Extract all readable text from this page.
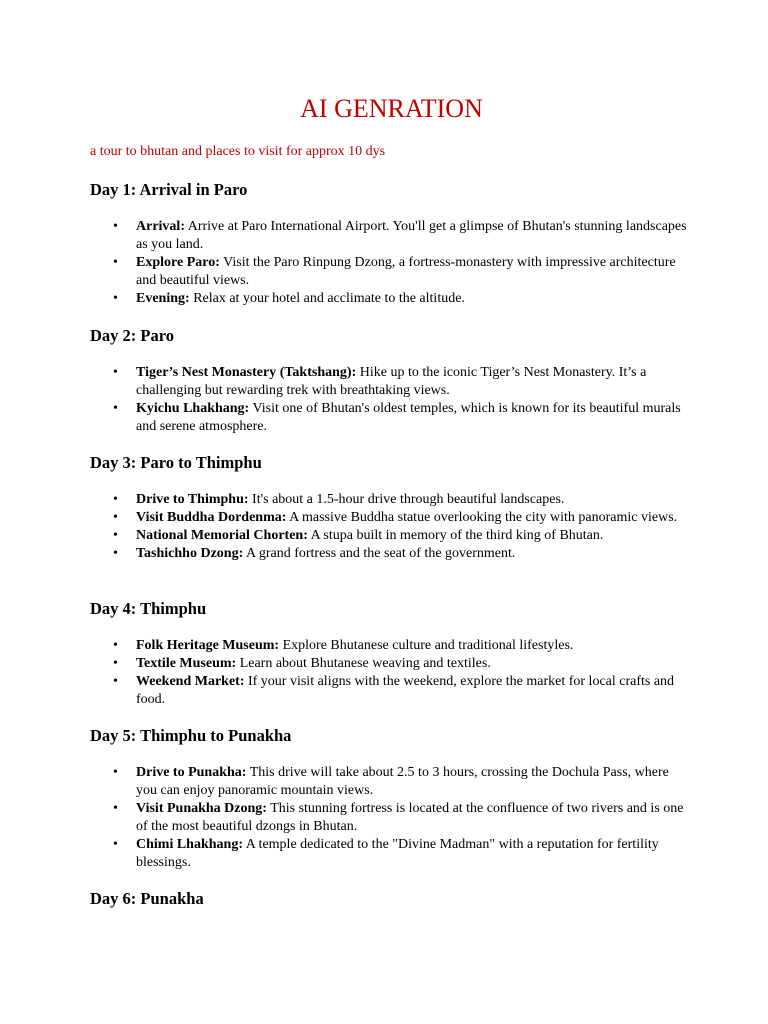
AI GENRATION

a tour to bhutan and places to visit for approx 10 dys

Day 1: Arrival in Paro
• Arrival: Arrive at Paro International Airport. You'll get a glimpse of Bhutan's stunning landscapes as you land.
• Explore Paro: Visit the Paro Rinpung Dzong, a fortress-monastery with impressive architecture and beautiful views.
• Evening: Relax at your hotel and acclimate to the altitude.
Day 2: Paro
• Tiger’s Nest Monastery (Taktshang): Hike up to the iconic Tiger’s Nest Monastery. It’s a challenging but rewarding trek with breathtaking views.
• Kyichu Lhakhang: Visit one of Bhutan's oldest temples, which is known for its beautiful murals and serene atmosphere.
Day 3: Paro to Thimphu
• Drive to Thimphu: It's about a 1.5-hour drive through beautiful landscapes.
• Visit Buddha Dordenma: A massive Buddha statue overlooking the city with panoramic views.
• National Memorial Chorten: A stupa built in memory of the third king of Bhutan.
• Tashichho Dzong: A grand fortress and the seat of the government.
Day 4: Thimphu
• Folk Heritage Museum: Explore Bhutanese culture and traditional lifestyles.
• Textile Museum: Learn about Bhutanese weaving and textiles.
• Weekend Market: If your visit aligns with the weekend, explore the market for local crafts and food.
Day 5: Thimphu to Punakha
• Drive to Punakha: This drive will take about 2.5 to 3 hours, crossing the Dochula Pass, where you can enjoy panoramic mountain views.
• Visit Punakha Dzong: This stunning fortress is located at the confluence of two rivers and is one of the most beautiful dzongs in Bhutan.
• Chimi Lhakhang: A temple dedicated to the "Divine Madman" with a reputation for fertility blessings.
Day 6: Punakha
